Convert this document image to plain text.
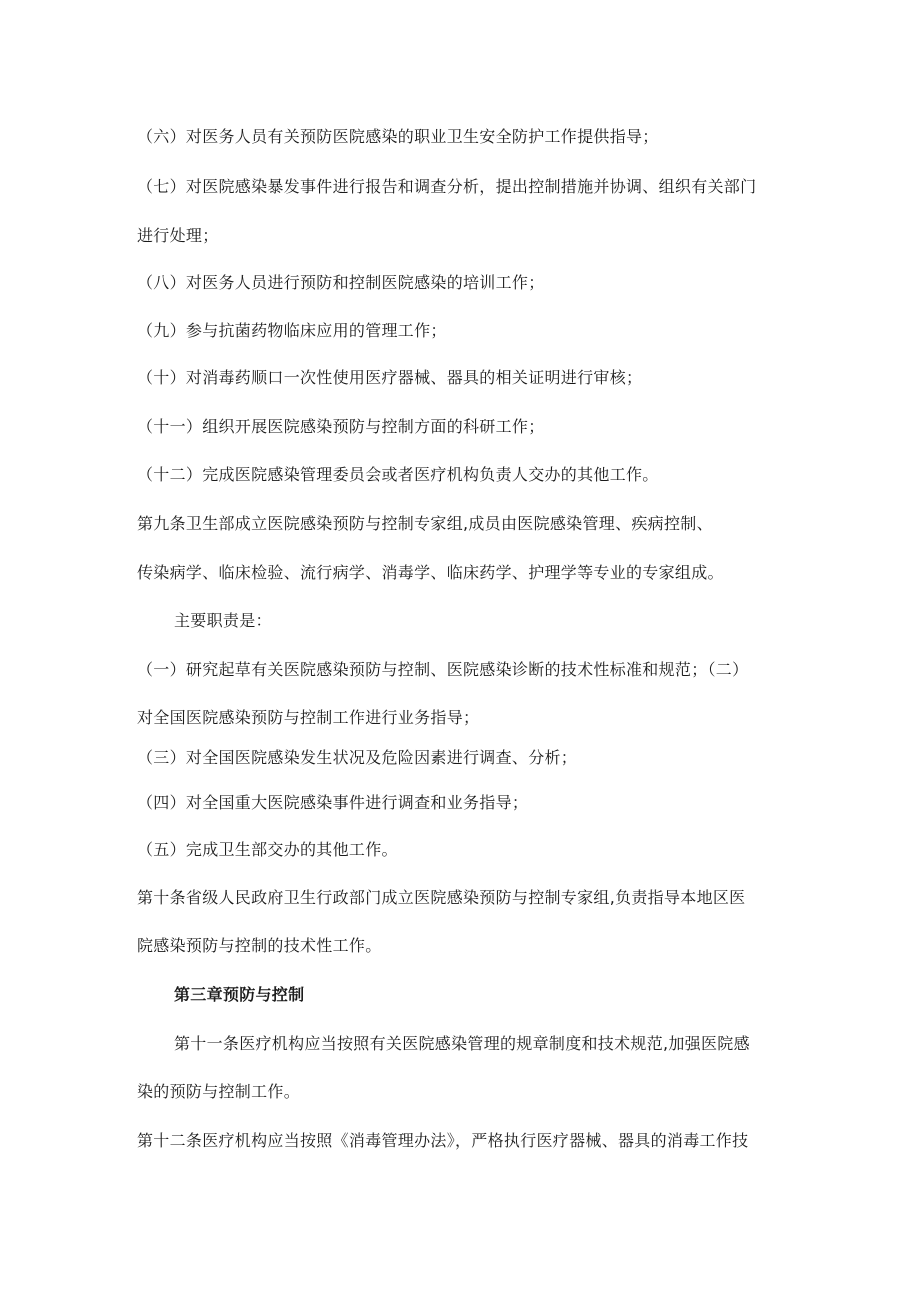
（六）对医务人员有关预防医院感染的职业卫生安全防护工作提供指导；
（七）对医院感染暴发事件进行报告和调查分析，提出控制措施并协调、组织有关部门
进行处理；
（八）对医务人员进行预防和控制医院感染的培训工作；
（九）参与抗菌药物临床应用的管理工作；
（十）对消毒药顺口一次性使用医疗器械、器具的相关证明进行审核；
（十一）组织开展医院感染预防与控制方面的科研工作；
（十二）完成医院感染管理委员会或者医疗机构负责人交办的其他工作。
第九条卫生部成立医院感染预防与控制专家组,成员由医院感染管理、疾病控制、
传染病学、临床检验、流行病学、消毒学、临床药学、护理学等专业的专家组成。
主要职责是：
（一）研究起草有关医院感染预防与控制、医院感染诊断的技术性标准和规范；（二）
对全国医院感染预防与控制工作进行业务指导；
（三）对全国医院感染发生状况及危险因素进行调查、分析；
（四）对全国重大医院感染事件进行调查和业务指导；
（五）完成卫生部交办的其他工作。
第十条省级人民政府卫生行政部门成立医院感染预防与控制专家组,负责指导本地区医
院感染预防与控制的技术性工作。
第三章预防与控制
第十一条医疗机构应当按照有关医院感染管理的规章制度和技术规范,加强医院感
染的预防与控制工作。
第十二条医疗机构应当按照《消毒管理办法》，严格执行医疗器械、器具的消毒工作技
